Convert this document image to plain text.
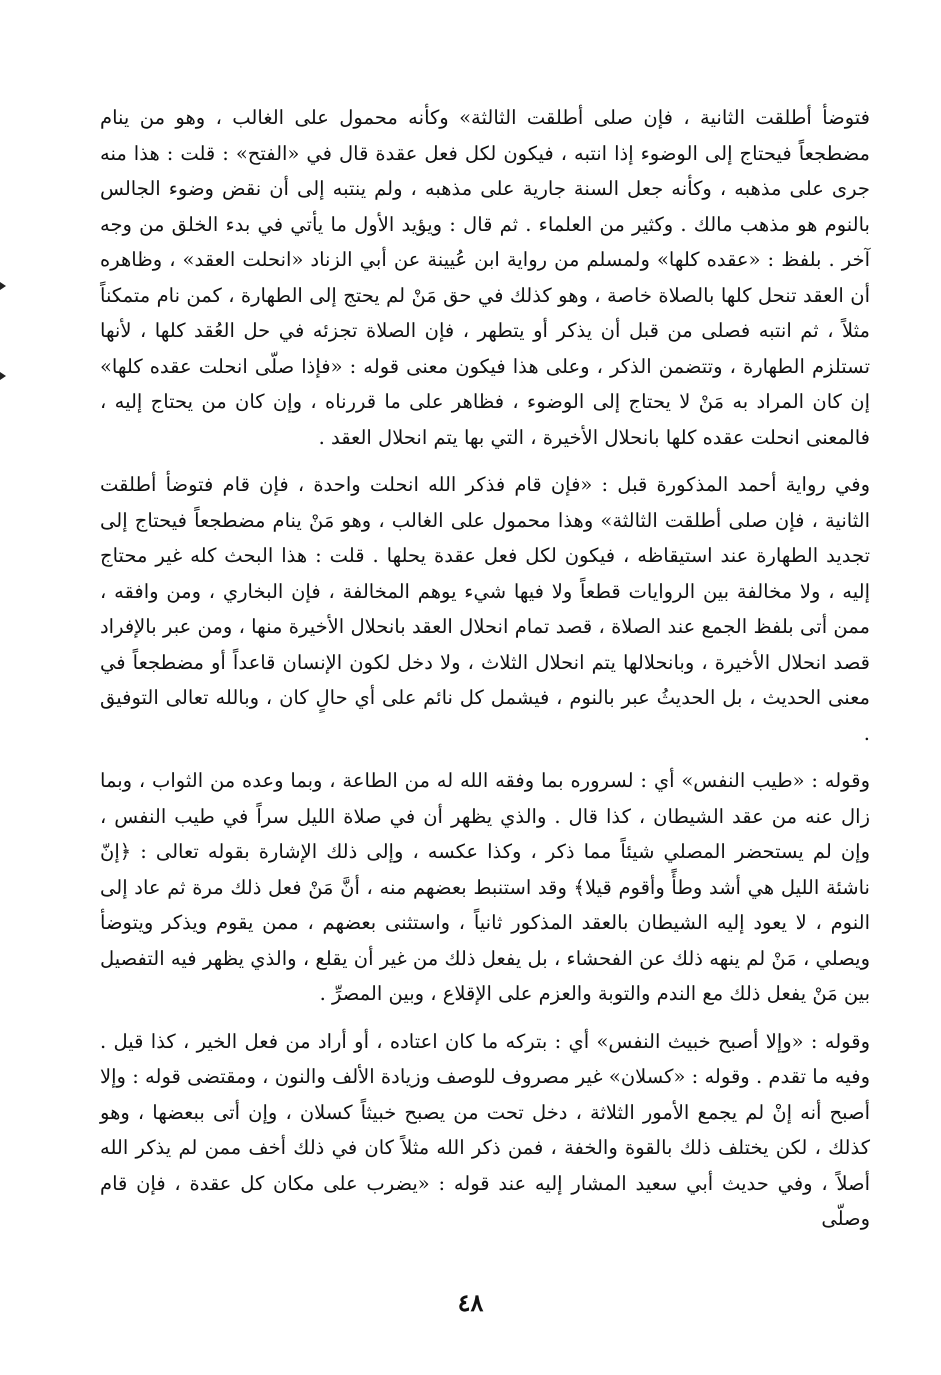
فتوضأ أطلقت الثانية ، فإن صلى أطلقت الثالثة» وكأنه محمول على الغالب ، وهو من ينام مضطجعاً فيحتاج إلى الوضوء إذا انتبه ، فيكون لكل فعل عقدة قال في «الفتح» : قلت : هذا منه جرى على مذهبه ، وكأنه جعل السنة جارية على مذهبه ، ولم ينتبه إلى أن نقض وضوء الجالس بالنوم هو مذهب مالك . وكثير من العلماء . ثم قال : ويؤيد الأول ما يأتي في بدء الخلق من وجه آخر . بلفظ : «عقده كلها» ولمسلم من رواية ابن عُيينة عن أبي الزناد «انحلت العقد» ، وظاهره أن العقد تنحل كلها بالصلاة خاصة ، وهو كذلك في حق مَنْ لم يحتج إلى الطهارة ، كمن نام متمكناً مثلاً ، ثم انتبه فصلى من قبل أن يذكر أو يتطهر ، فإن الصلاة تجزئه في حل العُقد كلها ، لأنها تستلزم الطهارة ، وتتضمن الذكر ، وعلى هذا فيكون معنى قوله : «فإذا صلّى انحلت عقده كلها» إن كان المراد به مَنْ لا يحتاج إلى الوضوء ، فظاهر على ما قررناه ، وإن كان من يحتاج إليه ، فالمعنى انحلت عقده كلها بانحلال الأخيرة ، التي بها يتم انحلال العقد .

وفي رواية أحمد المذكورة قبل : «فإن قام فذكر الله انحلت واحدة ، فإن قام فتوضأ أطلقت الثانية ، فإن صلى أطلقت الثالثة» وهذا محمول على الغالب ، وهو مَنْ ينام مضطجعاً فيحتاج إلى تجديد الطهارة عند استيقاظه ، فيكون لكل فعل عقدة يحلها . قلت : هذا البحث كله غير محتاج إليه ، ولا مخالفة بين الروايات قطعاً ولا فيها شيء يوهم المخالفة ، فإن البخاري ، ومن وافقه ، ممن أتى بلفظ الجمع عند الصلاة ، قصد تمام انحلال العقد بانحلال الأخيرة منها ، ومن عبر بالإفراد قصد انحلال الأخيرة ، وبانحلالها يتم انحلال الثلاث ، ولا دخل لكون الإنسان قاعداً أو مضطجعاً في معنى الحديث ، بل الحديثُ عبر بالنوم ، فيشمل كل نائم على أي حالٍ كان ، وبالله تعالى التوفيق .

وقوله : «طيب النفس» أي : لسروره بما وفقه الله له من الطاعة ، وبما وعده من الثواب ، وبما زال عنه من عقد الشيطان ، كذا قال . والذي يظهر أن في صلاة الليل سراً في طيب النفس ، وإن لم يستحضر المصلي شيئاً مما ذكر ، وكذا عكسه ، وإلى ذلك الإشارة بقوله تعالى : ﴿إنّ ناشئة الليل هي أشد وطأً وأقوم قيلا﴾ وقد استنبط بعضهم منه ، أنَّ مَنْ فعل ذلك مرة ثم عاد إلى النوم ، لا يعود إليه الشيطان بالعقد المذكور ثانياً ، واستثنى بعضهم ، ممن يقوم ويذكر ويتوضأ ويصلي ، مَنْ لم ينهه ذلك عن الفحشاء ، بل يفعل ذلك من غير أن يقلع ، والذي يظهر فيه التفصيل بين مَنْ يفعل ذلك مع الندم والتوبة والعزم على الإقلاع ، وبين المصرِّ .

وقوله : «وإلا أصبح خبيث النفس» أي : بتركه ما كان اعتاده ، أو أراد من فعل الخير ، كذا قيل . وفيه ما تقدم . وقوله : «كسلان» غير مصروف للوصف وزيادة الألف والنون ، ومقتضى قوله : وإلا أصبح أنه إنْ لم يجمع الأمور الثلاثة ، دخل تحت من يصبح خبيثاً كسلان ، وإن أتى ببعضها ، وهو كذلك ، لكن يختلف ذلك بالقوة والخفة ، فمن ذكر الله مثلاً كان في ذلك أخف ممن لم يذكر الله أصلاً ، وفي حديث أبي سعيد المشار إليه عند قوله : «يضرب على مكان كل عقدة ، فإن قام وصلّى

٤٨
